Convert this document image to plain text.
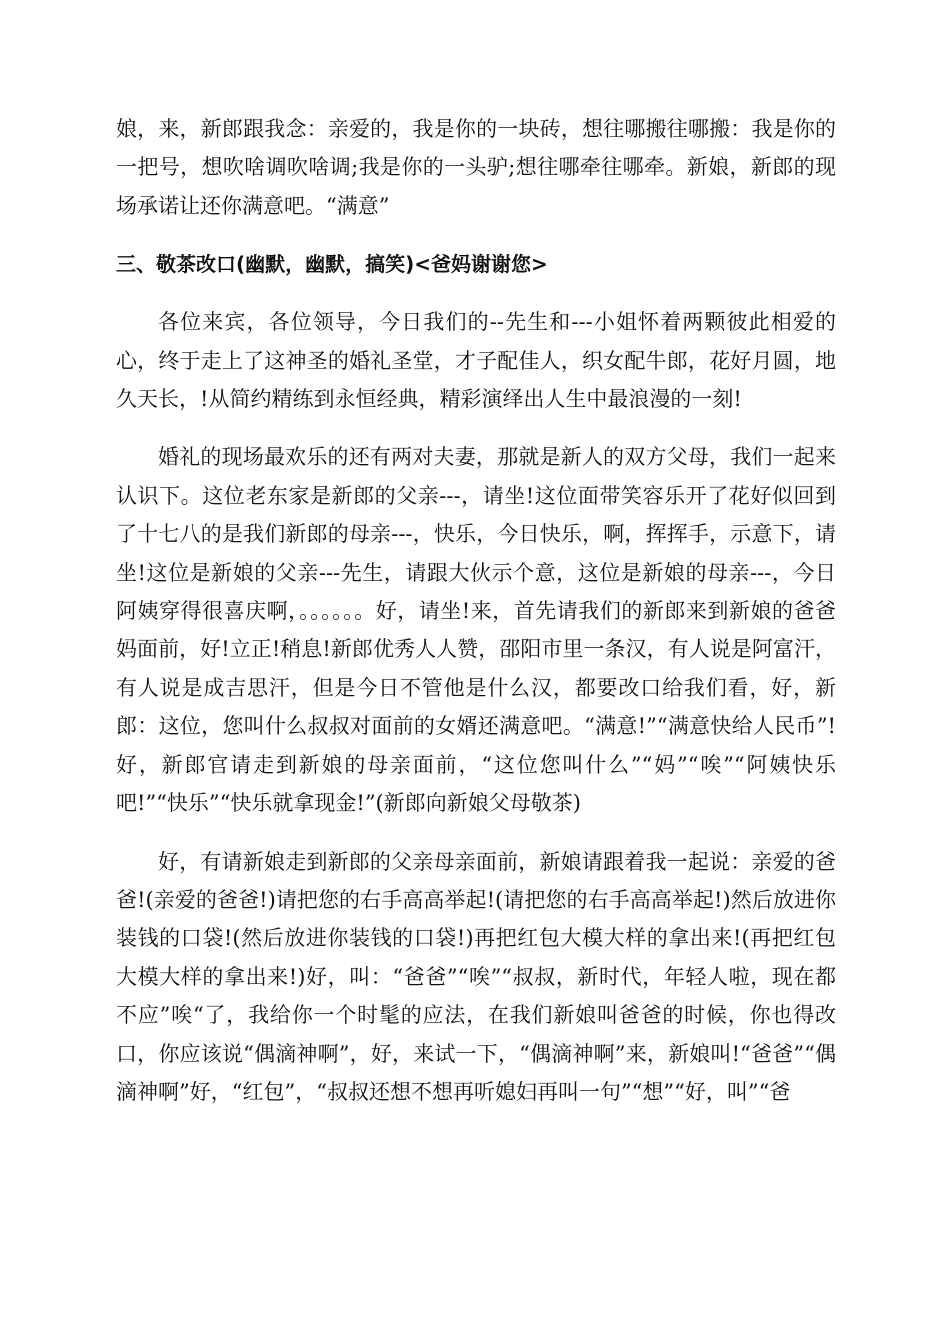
娘，来，新郎跟我念：亲爱的，我是你的一块砖，想往哪搬往哪搬：我是你的一把号，想吹啥调吹啥调;我是你的一头驴;想往哪牵往哪牵。新娘，新郎的现场承诺让还你满意吧。“满意”

三、敬茶改口(幽默，幽默，搞笑)<爸妈谢谢您>

各位来宾，各位领导，今日我们的--先生和---小姐怀着两颗彼此相爱的心，终于走上了这神圣的婚礼圣堂，才子配佳人，织女配牛郎，花好月圆，地久天长，!从简约精练到永恒经典，精彩演绎出人生中最浪漫的一刻!

婚礼的现场最欢乐的还有两对夫妻，那就是新人的双方父母，我们一起来认识下。这位老东家是新郎的父亲---，请坐!这位面带笑容乐开了花好似回到了十七八的是我们新郎的母亲---，快乐，今日快乐，啊，挥挥手，示意下，请坐!这位是新娘的父亲---先生，请跟大伙示个意，这位是新娘的母亲---，今日阿姨穿得很喜庆啊，。。。。。。好，请坐!来，首先请我们的新郎来到新娘的爸爸妈面前，好!立正!稍息!新郎优秀人人赞，邵阳市里一条汉，有人说是阿富汗，有人说是成吉思汗，但是今日不管他是什么汉，都要改口给我们看，好，新郎：这位，您叫什么叔叔对面前的女婿还满意吧。“满意!”“满意快给人民币”!好，新郎官请走到新娘的母亲面前，“这位您叫什么”“妈”“唉”“阿姨快乐吧!”“快乐”“快乐就拿现金!”(新郎向新娘父母敬茶)

好，有请新娘走到新郎的父亲母亲面前，新娘请跟着我一起说：亲爱的爸爸!(亲爱的爸爸!)请把您的右手高高举起!(请把您的右手高高举起!)然后放进你装钱的口袋!(然后放进你装钱的口袋!)再把红包大模大样的拿出来!(再把红包大模大样的拿出来!)好，叫：“爸爸”“唉”“叔叔，新时代，年轻人啦，现在都不应”唉“了，我给你一个时髦的应法，在我们新娘叫爸爸的时候，你也得改口，你应该说“偶滴神啊”，好，来试一下，“偶滴神啊”来，新娘叫!“爸爸”“偶滴神啊”好，“红包”，“叔叔还想不想再听媳妇再叫一句”“想”“好，叫”“爸
